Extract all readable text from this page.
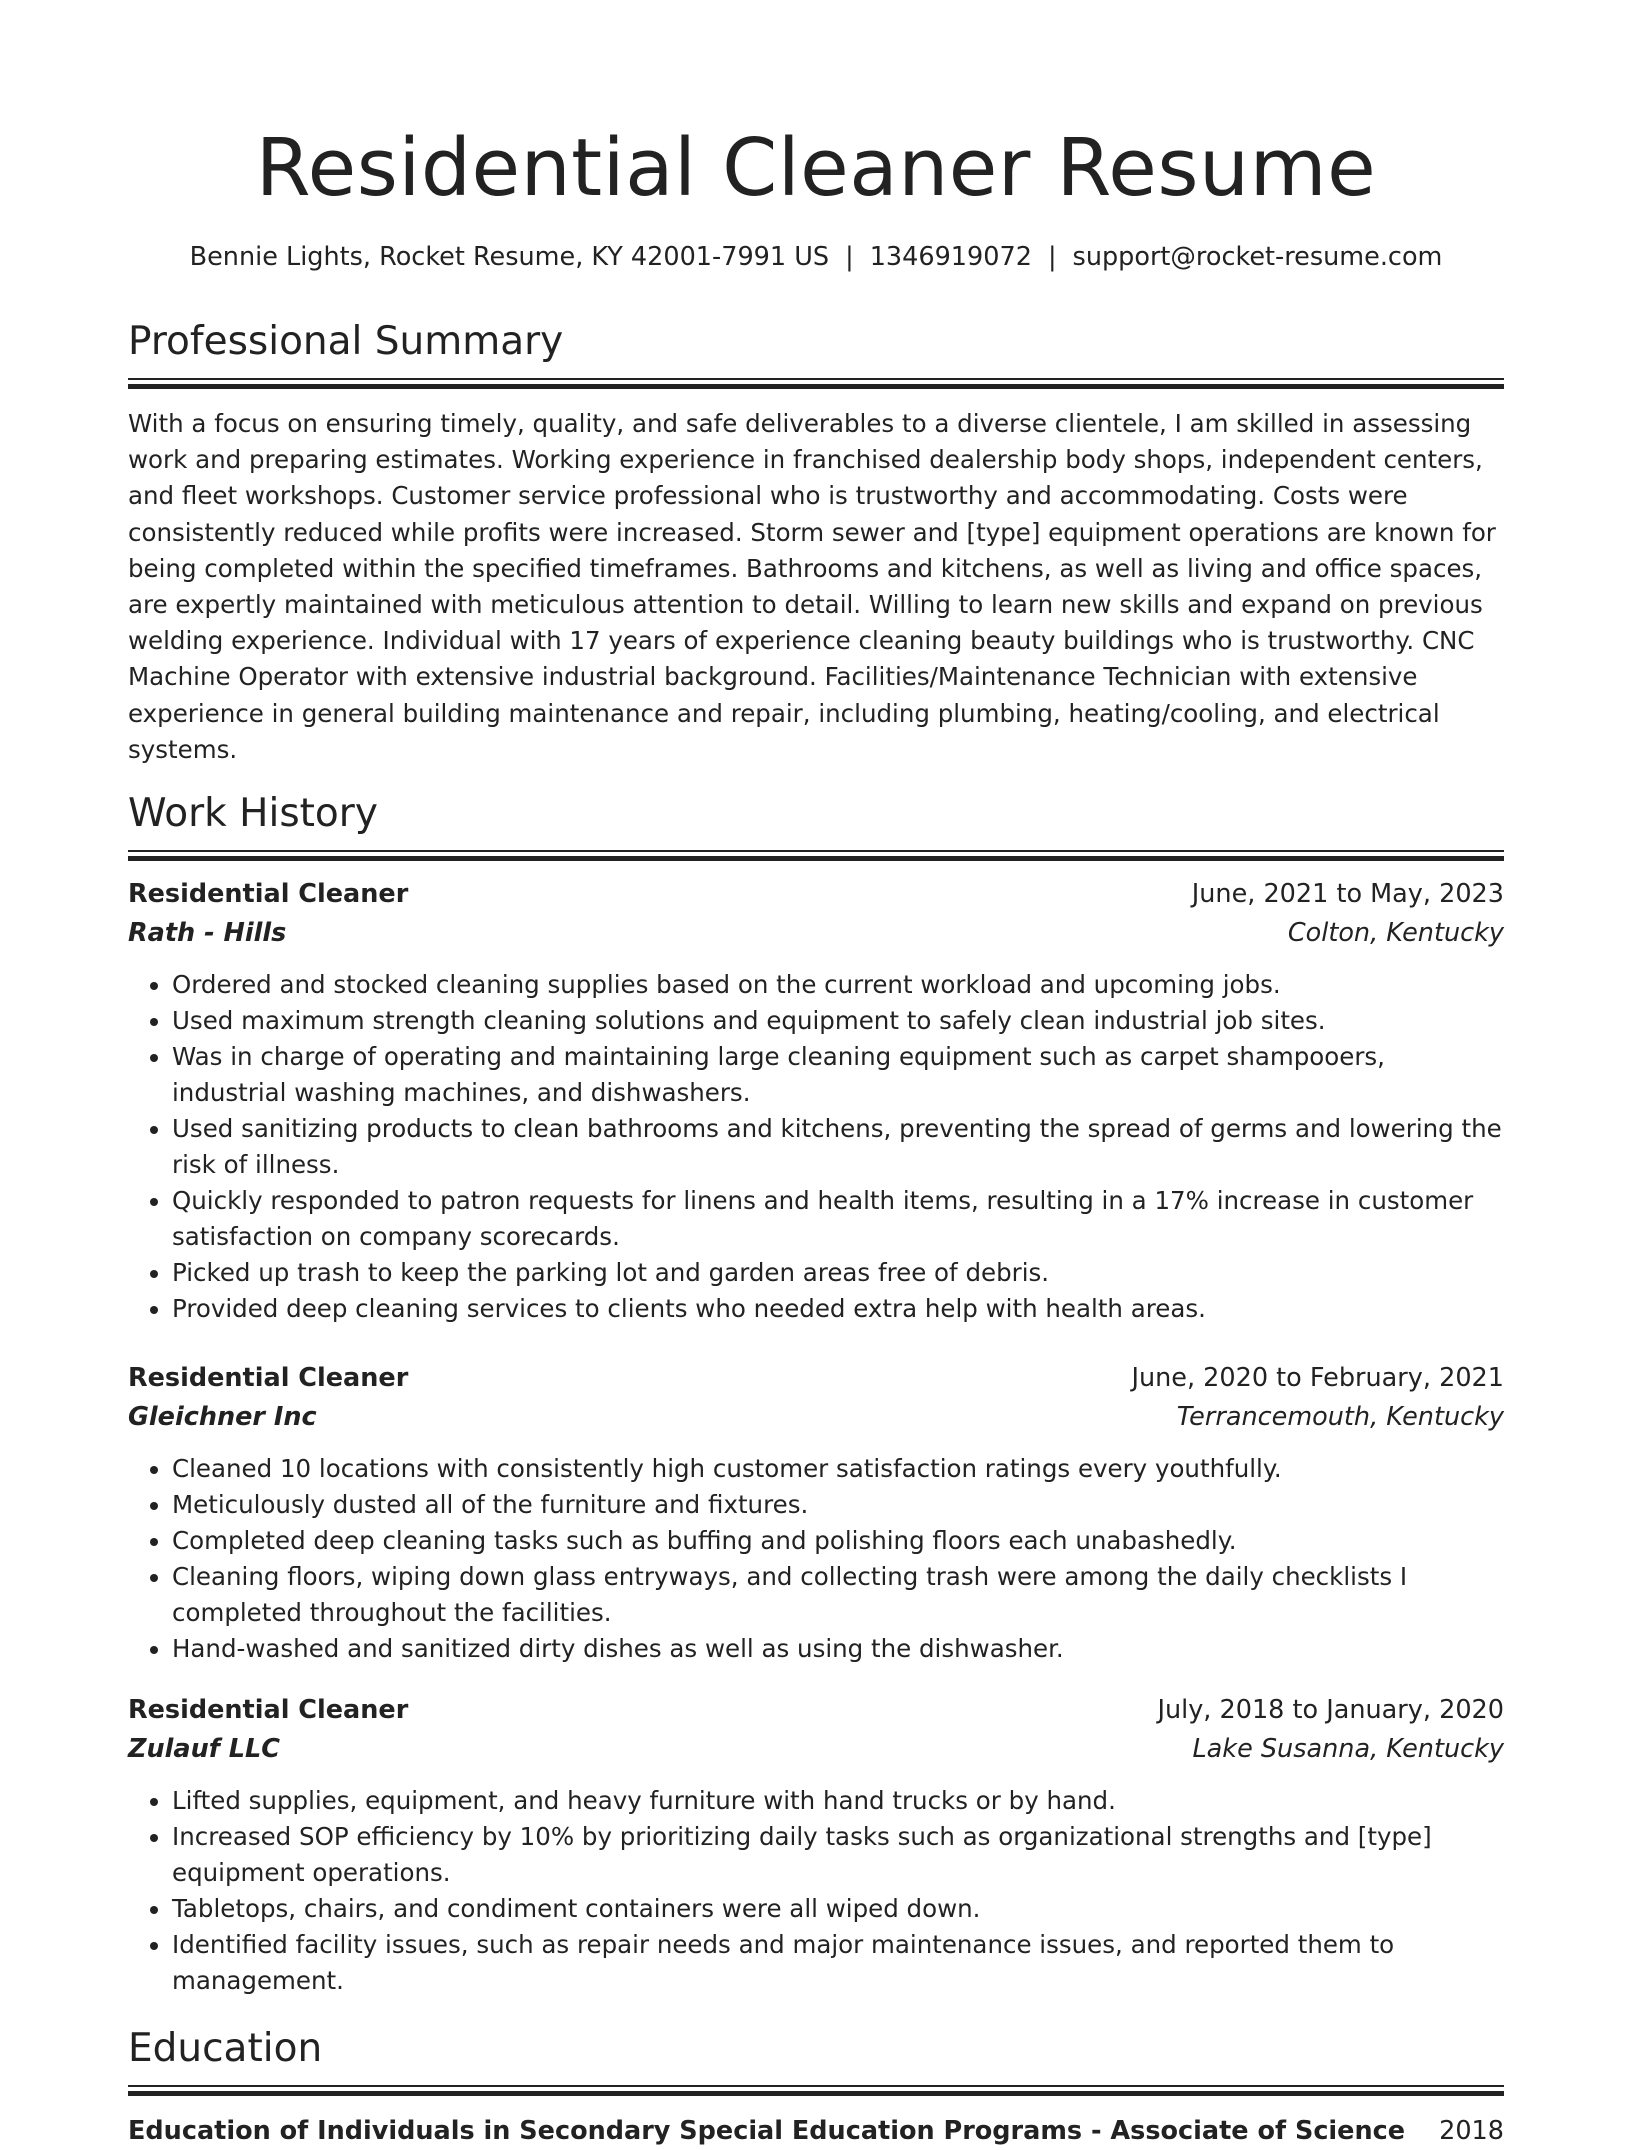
Residential Cleaner Resume
Bennie Lights, Rocket Resume, KY 42001-7991 US | 1346919072 | support@rocket-resume.com
Professional Summary

With a focus on ensuring timely, quality, and safe deliverables to a diverse clientele, I am skilled in assessing work and preparing estimates. Working experience in franchised dealership body shops, independent centers, and fleet workshops. Customer service professional who is trustworthy and accommodating. Costs were consistently reduced while profits were increased. Storm sewer and [type] equipment operations are known for being completed within the specified timeframes. Bathrooms and kitchens, as well as living and office spaces, are expertly maintained with meticulous attention to detail. Willing to learn new skills and expand on previous welding experience. Individual with 17 years of experience cleaning beauty buildings who is trustworthy. CNC Machine Operator with extensive industrial background. Facilities/Maintenance Technician with extensive experience in general building maintenance and repair, including plumbing, heating/cooling, and electrical systems.

Work History
Residential Cleaner	June, 2021 to May, 2023
Rath - Hills	Colton, Kentucky
• Ordered and stocked cleaning supplies based on the current workload and upcoming jobs.
• Used maximum strength cleaning solutions and equipment to safely clean industrial job sites.
• Was in charge of operating and maintaining large cleaning equipment such as carpet shampooers, industrial washing machines, and dishwashers.
• Used sanitizing products to clean bathrooms and kitchens, preventing the spread of germs and lowering the risk of illness.
• Quickly responded to patron requests for linens and health items, resulting in a 17% increase in customer satisfaction on company scorecards.
• Picked up trash to keep the parking lot and garden areas free of debris.
• Provided deep cleaning services to clients who needed extra help with health areas.
Residential Cleaner	June, 2020 to February, 2021
Gleichner Inc	Terrancemouth, Kentucky
• Cleaned 10 locations with consistently high customer satisfaction ratings every youthfully.
• Meticulously dusted all of the furniture and fixtures.
• Completed deep cleaning tasks such as buffing and polishing floors each unabashedly.
• Cleaning floors, wiping down glass entryways, and collecting trash were among the daily checklists I completed throughout the facilities.
• Hand-washed and sanitized dirty dishes as well as using the dishwasher.
Residential Cleaner	July, 2018 to January, 2020
Zulauf LLC	Lake Susanna, Kentucky
• Lifted supplies, equipment, and heavy furniture with hand trucks or by hand.
• Increased SOP efficiency by 10% by prioritizing daily tasks such as organizational strengths and [type] equipment operations.
• Tabletops, chairs, and condiment containers were all wiped down.
• Identified facility issues, such as repair needs and major maintenance issues, and reported them to management.
Education
Education of Individuals in Secondary Special Education Programs - Associate of Science 2018
